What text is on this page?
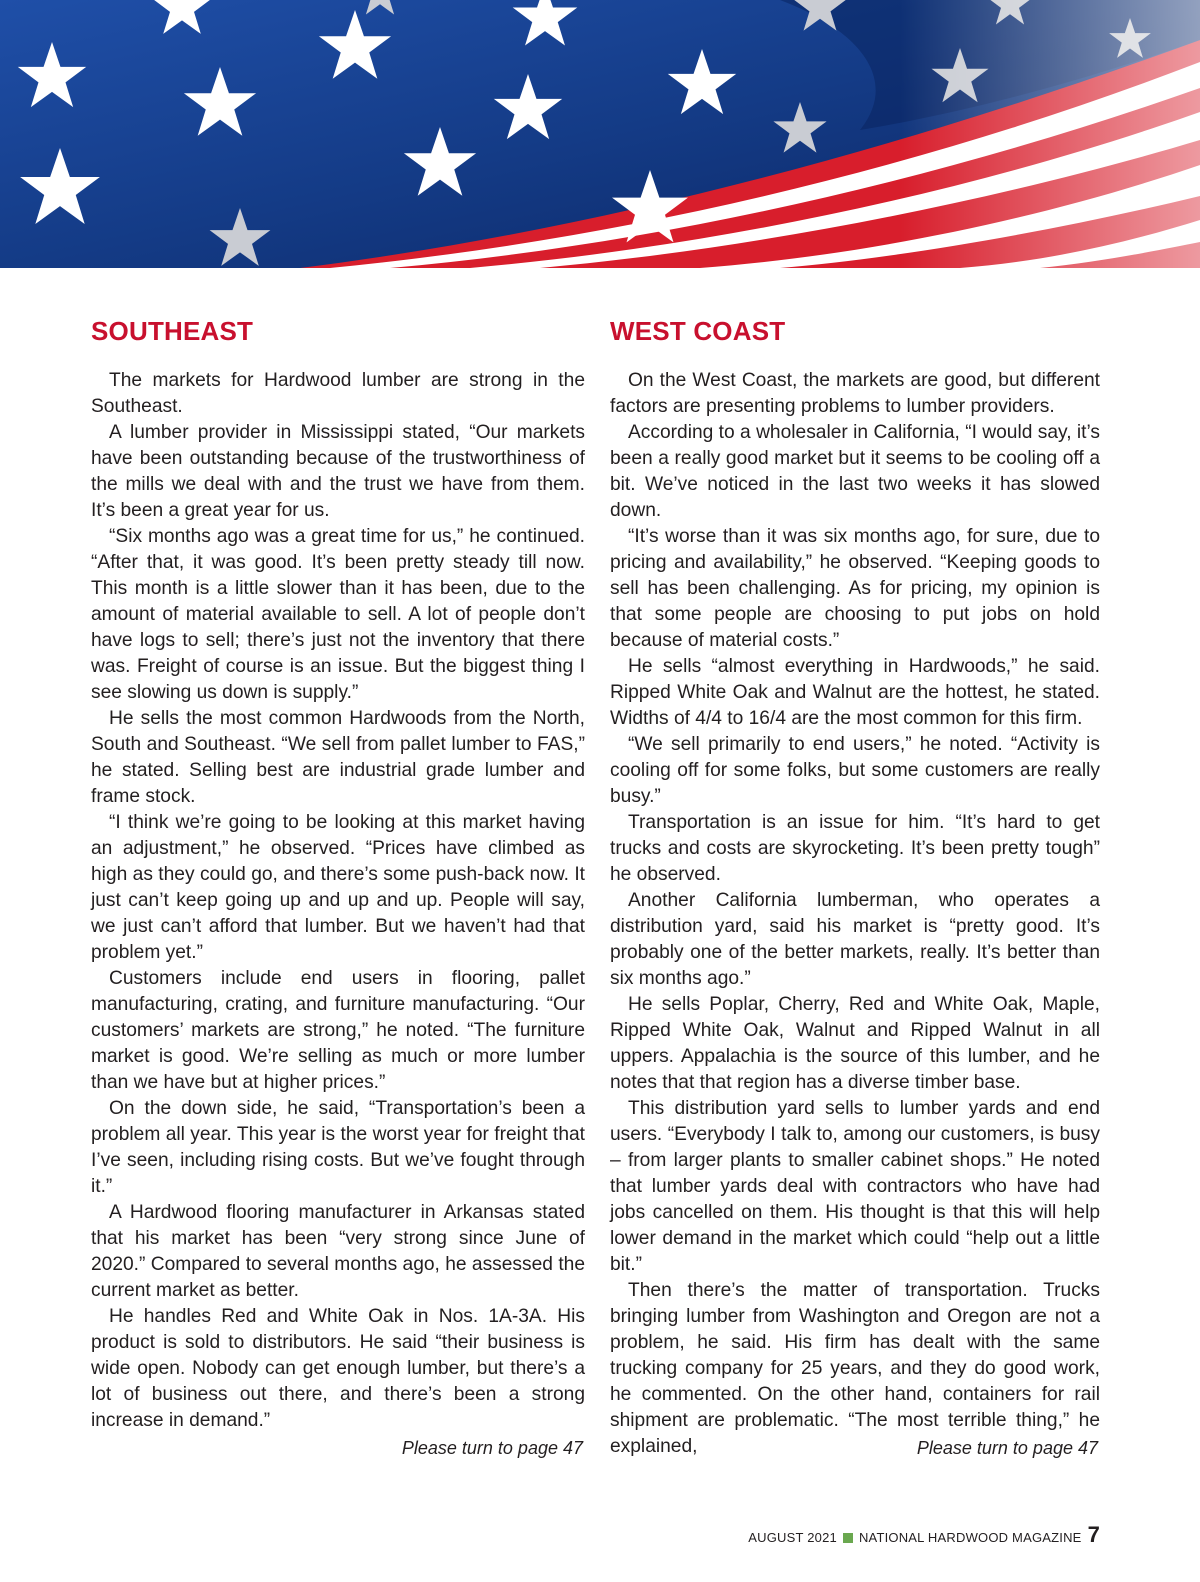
SOUTHEAST

The markets for Hardwood lumber are strong in the Southeast.

A lumber provider in Mississippi stated, “Our markets have been outstanding because of the trustworthiness of the mills we deal with and the trust we have from them. It’s been a great year for us.

“Six months ago was a great time for us,” he continued. “After that, it was good. It’s been pretty steady till now. This month is a little slower than it has been, due to the amount of material available to sell. A lot of people don’t have logs to sell; there’s just not the inventory that there was. Freight of course is an issue. But the biggest thing I see slowing us down is supply.”

He sells the most common Hardwoods from the North, South and Southeast. “We sell from pallet lumber to FAS,” he stated. Selling best are industrial grade lumber and frame stock.

“I think we’re going to be looking at this market having an adjustment,” he observed. “Prices have climbed as high as they could go, and there’s some push-back now. It just can’t keep going up and up and up. People will say, we just can’t afford that lumber. But we haven’t had that problem yet.”

Customers include end users in flooring, pallet manufacturing, crating, and furniture manufacturing. “Our customers’ markets are strong,” he noted. “The furniture market is good. We’re selling as much or more lumber than we have but at higher prices.”

On the down side, he said, “Transportation’s been a problem all year. This year is the worst year for freight that I’ve seen, including rising costs. But we’ve fought through it.”

A Hardwood flooring manufacturer in Arkansas stated that his market has been “very strong since June of 2020.” Compared to several months ago, he assessed the current market as better.

He handles Red and White Oak in Nos. 1A-3A. His product is sold to distributors. He said “their business is wide open. Nobody can get enough lumber, but there’s a lot of business out there, and there’s been a strong increase in demand.”

WEST COAST

On the West Coast, the markets are good, but different factors are presenting problems to lumber providers.

According to a wholesaler in California, “I would say, it’s been a really good market but it seems to be cooling off a bit. We’ve noticed in the last two weeks it has slowed down.

“It’s worse than it was six months ago, for sure, due to pricing and availability,” he observed. “Keeping goods to sell has been challenging. As for pricing, my opinion is that some people are choosing to put jobs on hold because of material costs.”

He sells “almost everything in Hardwoods,” he said. Ripped White Oak and Walnut are the hottest, he stated. Widths of 4/4 to 16/4 are the most common for this firm.

“We sell primarily to end users,” he noted. “Activity is cooling off for some folks, but some customers are really busy.”

Transportation is an issue for him. “It’s hard to get trucks and costs are skyrocketing. It’s been pretty tough” he observed.

Another California lumberman, who operates a distribution yard, said his market is “pretty good. It’s probably one of the better markets, really. It’s better than six months ago.”

He sells Poplar, Cherry, Red and White Oak, Maple, Ripped White Oak, Walnut and Ripped Walnut in all uppers. Appalachia is the source of this lumber, and he notes that that region has a diverse timber base.

This distribution yard sells to lumber yards and end users. “Everybody I talk to, among our customers, is busy – from larger plants to smaller cabinet shops.” He noted that lumber yards deal with contractors who have had jobs cancelled on them. His thought is that this will help lower demand in the market which could “help out a little bit.”

Then there’s the matter of transportation. Trucks bringing lumber from Washington and Oregon are not a problem, he said. His firm has dealt with the same trucking company for 25 years, and they do good work, he commented. On the other hand, containers for rail shipment are problematic. “The most terrible thing,” he explained,

Please turn to page 47	Please turn to page 47
AUGUST 2021 NATIONAL HARDWOOD MAGAZINE 7
